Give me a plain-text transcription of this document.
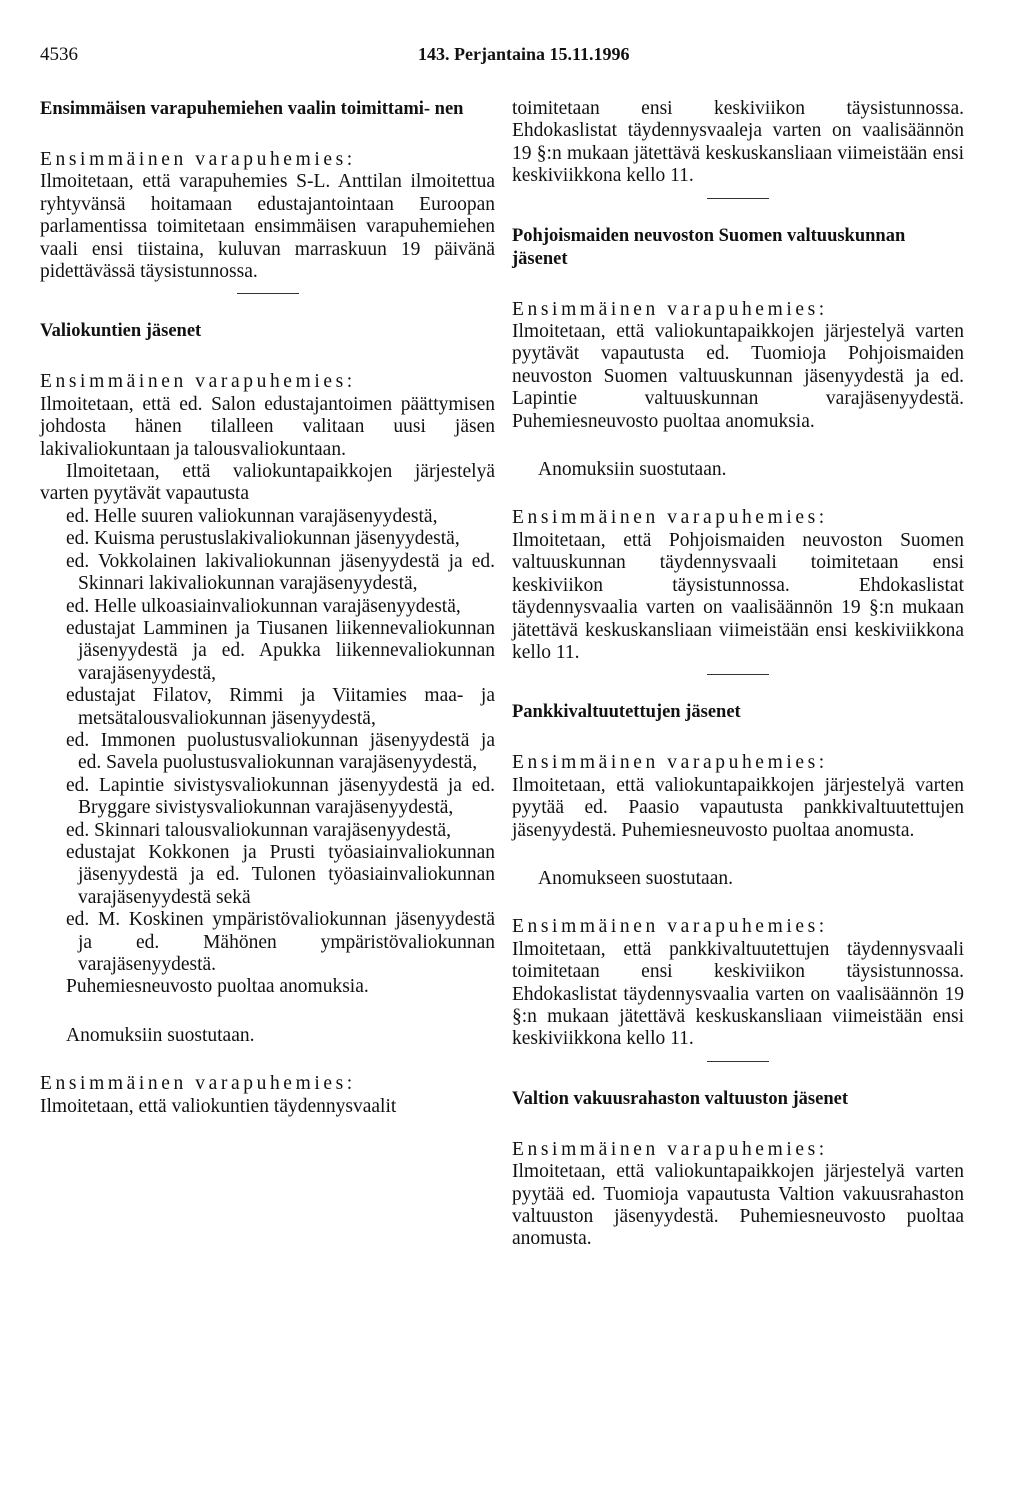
4536	143. Perjantaina 15.11.1996
Ensimmäisen varapuhemiehen vaalin toimittami- nen

Ensimmäinen varapuhemies:
Ilmoitetaan, että varapuhemies S-L. Anttilan ilmoitettua ryhtyvänsä hoitamaan edustajantointaan Euroopan parlamentissa toimitetaan ensimmäisen varapuhemiehen vaali ensi tiistaina, kuluvan marraskuun 19 päivänä pidettävässä täysistunnossa.

Valiokuntien jäsenet

Ensimmäinen varapuhemies:
Ilmoitetaan, että ed. Salon edustajantoimen päättymisen johdosta hänen tilalleen valitaan uusi jäsen lakivaliokuntaan ja talousvaliokuntaan.

Ilmoitetaan, että valiokuntapaikkojen järjestelyä varten pyytävät vapautusta

ed. Helle suuren valiokunnan varajäsenyydestä,

ed. Kuisma perustuslakivaliokunnan jäsenyydestä,

ed. Vokkolainen lakivaliokunnan jäsenyydestä ja ed. Skinnari lakivaliokunnan varajäsenyydestä,

ed. Helle ulkoasiainvaliokunnan varajäsenyydestä,

edustajat Lamminen ja Tiusanen liikennevaliokunnan jäsenyydestä ja ed. Apukka liikennevaliokunnan varajäsenyydestä,

edustajat Filatov, Rimmi ja Viitamies maa- ja metsätalousvaliokunnan jäsenyydestä,

ed. Immonen puolustusvaliokunnan jäsenyydestä ja ed. Savela puolustusvaliokunnan varajäsenyydestä,

ed. Lapintie sivistysvaliokunnan jäsenyydestä ja ed. Bryggare sivistysvaliokunnan varajäsenyydestä,

ed. Skinnari talousvaliokunnan varajäsenyydestä,

edustajat Kokkonen ja Prusti työasiainvaliokunnan jäsenyydestä ja ed. Tulonen työasiainvaliokunnan varajäsenyydestä sekä

ed. M. Koskinen ympäristövaliokunnan jäsenyydestä ja ed. Mähönen ympäristövaliokunnan varajäsenyydestä.

Puhemiesneuvosto puoltaa anomuksia.

Anomuksiin suostutaan.

Ensimmäinen varapuhemies:
Ilmoitetaan, että valiokuntien täydennysvaalit

toimitetaan ensi keskiviikon täysistunnossa. Ehdokaslistat täydennysvaaleja varten on vaalisäännön 19 §:n mukaan jätettävä keskuskansliaan viimeistään ensi keskiviikkona kello 11.

Pohjoismaiden neuvoston Suomen valtuuskunnan jäsenet

Ensimmäinen varapuhemies:
Ilmoitetaan, että valiokuntapaikkojen järjestelyä varten pyytävät vapautusta ed. Tuomioja Pohjoismaiden neuvoston Suomen valtuuskunnan jäsenyydestä ja ed. Lapintie valtuuskunnan varajäsenyydestä. Puhemiesneuvosto puoltaa anomuksia.

Anomuksiin suostutaan.

Ensimmäinen varapuhemies:
Ilmoitetaan, että Pohjoismaiden neuvoston Suomen valtuuskunnan täydennysvaali toimitetaan ensi keskiviikon täysistunnossa. Ehdokaslistat täydennysvaalia varten on vaalisäännön 19 §:n mukaan jätettävä keskuskansliaan viimeistään ensi keskiviikkona kello 11.

Pankkivaltuutettujen jäsenet

Ensimmäinen varapuhemies:
Ilmoitetaan, että valiokuntapaikkojen järjestelyä varten pyytää ed. Paasio vapautusta pankkivaltuutettujen jäsenyydestä. Puhemiesneuvosto puoltaa anomusta.

Anomukseen suostutaan.

Ensimmäinen varapuhemies:
Ilmoitetaan, että pankkivaltuutettujen täydennysvaali toimitetaan ensi keskiviikon täysistunnossa. Ehdokaslistat täydennysvaalia varten on vaalisäännön 19 §:n mukaan jätettävä keskuskansliaan viimeistään ensi keskiviikkona kello 11.

Valtion vakuusrahaston valtuuston jäsenet

Ensimmäinen varapuhemies:
Ilmoitetaan, että valiokuntapaikkojen järjestelyä varten pyytää ed. Tuomioja vapautusta Valtion vakuusrahaston valtuuston jäsenyydestä. Puhemiesneuvosto puoltaa anomusta.
